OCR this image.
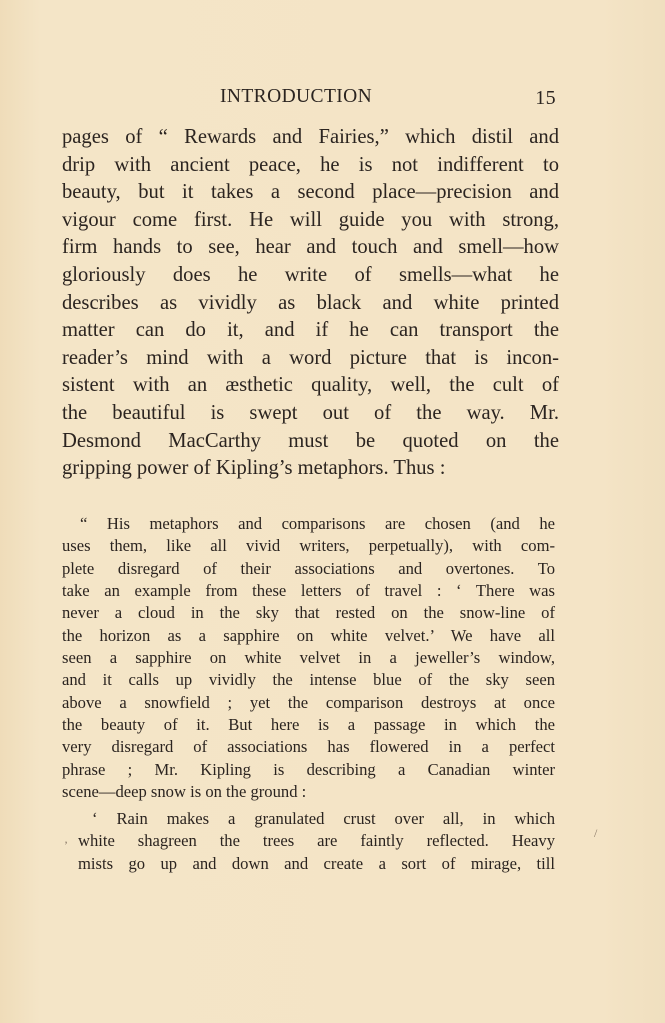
INTRODUCTION	15
pages of “ Rewards and Fairies,” which distil and
drip with ancient peace, he is not indifferent to
beauty, but it takes a second place—precision and
vigour come first. He will guide you with strong,
firm hands to see, hear and touch and smell—how
gloriously does he write of smells—what he
describes as vividly as black and white printed
matter can do it, and if he can transport the
reader’s mind with a word picture that is incon-
sistent with an æsthetic quality, well, the cult of
the beautiful is swept out of the way. Mr.
Desmond MacCarthy must be quoted on the
gripping power of Kipling’s metaphors. Thus :
“ His metaphors and comparisons are chosen (and he
uses them, like all vivid writers, perpetually), with com-
plete disregard of their associations and overtones. To
take an example from these letters of travel : ‘ There was
never a cloud in the sky that rested on the snow-line of
the horizon as a sapphire on white velvet.’ We have all
seen a sapphire on white velvet in a jeweller’s window,
and it calls up vividly the intense blue of the sky seen
above a snowfield ; yet the comparison destroys at once
the beauty of it. But here is a passage in which the
very disregard of associations has flowered in a perfect
phrase ; Mr. Kipling is describing a Canadian winter
scene—deep snow is on the ground :
‘ Rain makes a granulated crust over all, in which
white shagreen the trees are faintly reflected. Heavy
mists go up and down and create a sort of mirage, till
/
’
